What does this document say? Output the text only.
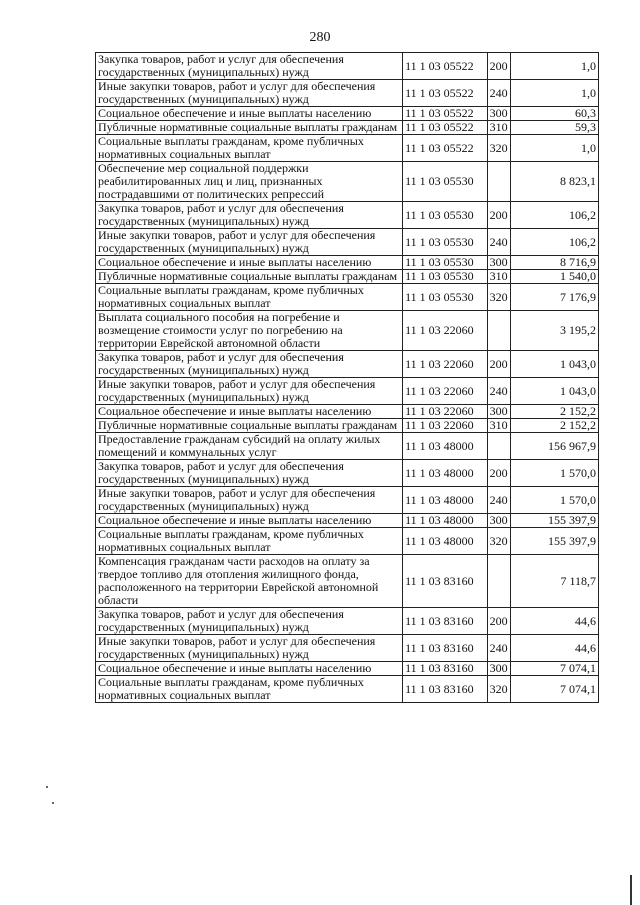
280
Закупка товаров, работ и услуг для обеспечения государственных (муниципальных) нужд	11 1 03 05522	200	1,0
Иные закупки товаров, работ и услуг для обеспечения государственных (муниципальных) нужд	11 1 03 05522	240	1,0
Социальное обеспечение и иные выплаты населению	11 1 03 05522	300	60,3
Публичные нормативные социальные выплаты гражданам	11 1 03 05522	310	59,3
Социальные выплаты гражданам, кроме публичных нормативных социальных выплат	11 1 03 05522	320	1,0
Обеспечение мер социальной поддержки реабилитированных лиц и лиц, признанных пострадавшими от политических репрессий	11 1 03 05530		8 823,1
Закупка товаров, работ и услуг для обеспечения государственных (муниципальных) нужд	11 1 03 05530	200	106,2
Иные закупки товаров, работ и услуг для обеспечения государственных (муниципальных) нужд	11 1 03 05530	240	106,2
Социальное обеспечение и иные выплаты населению	11 1 03 05530	300	8 716,9
Публичные нормативные социальные выплаты гражданам	11 1 03 05530	310	1 540,0
Социальные выплаты гражданам, кроме публичных нормативных социальных выплат	11 1 03 05530	320	7 176,9
Выплата социального пособия на погребение и возмещение стоимости услуг по погребению на территории Еврейской автономной области	11 1 03 22060		3 195,2
Закупка товаров, работ и услуг для обеспечения государственных (муниципальных) нужд	11 1 03 22060	200	1 043,0
Иные закупки товаров, работ и услуг для обеспечения государственных (муниципальных) нужд	11 1 03 22060	240	1 043,0
Социальное обеспечение и иные выплаты населению	11 1 03 22060	300	2 152,2
Публичные нормативные социальные выплаты гражданам	11 1 03 22060	310	2 152,2
Предоставление гражданам субсидий на оплату жилых помещений и коммунальных услуг	11 1 03 48000		156 967,9
Закупка товаров, работ и услуг для обеспечения государственных (муниципальных) нужд	11 1 03 48000	200	1 570,0
Иные закупки товаров, работ и услуг для обеспечения государственных (муниципальных) нужд	11 1 03 48000	240	1 570,0
Социальное обеспечение и иные выплаты населению	11 1 03 48000	300	155 397,9
Социальные выплаты гражданам, кроме публичных нормативных социальных выплат	11 1 03 48000	320	155 397,9
Компенсация гражданам части расходов на оплату за твердое топливо для отопления жилищного фонда, расположенного на территории Еврейской автономной области	11 1 03 83160		7 118,7
Закупка товаров, работ и услуг для обеспечения государственных (муниципальных) нужд	11 1 03 83160	200	44,6
Иные закупки товаров, работ и услуг для обеспечения государственных (муниципальных) нужд	11 1 03 83160	240	44,6
Социальное обеспечение и иные выплаты населению	11 1 03 83160	300	7 074,1
Социальные выплаты гражданам, кроме публичных нормативных социальных выплат	11 1 03 83160	320	7 074,1
